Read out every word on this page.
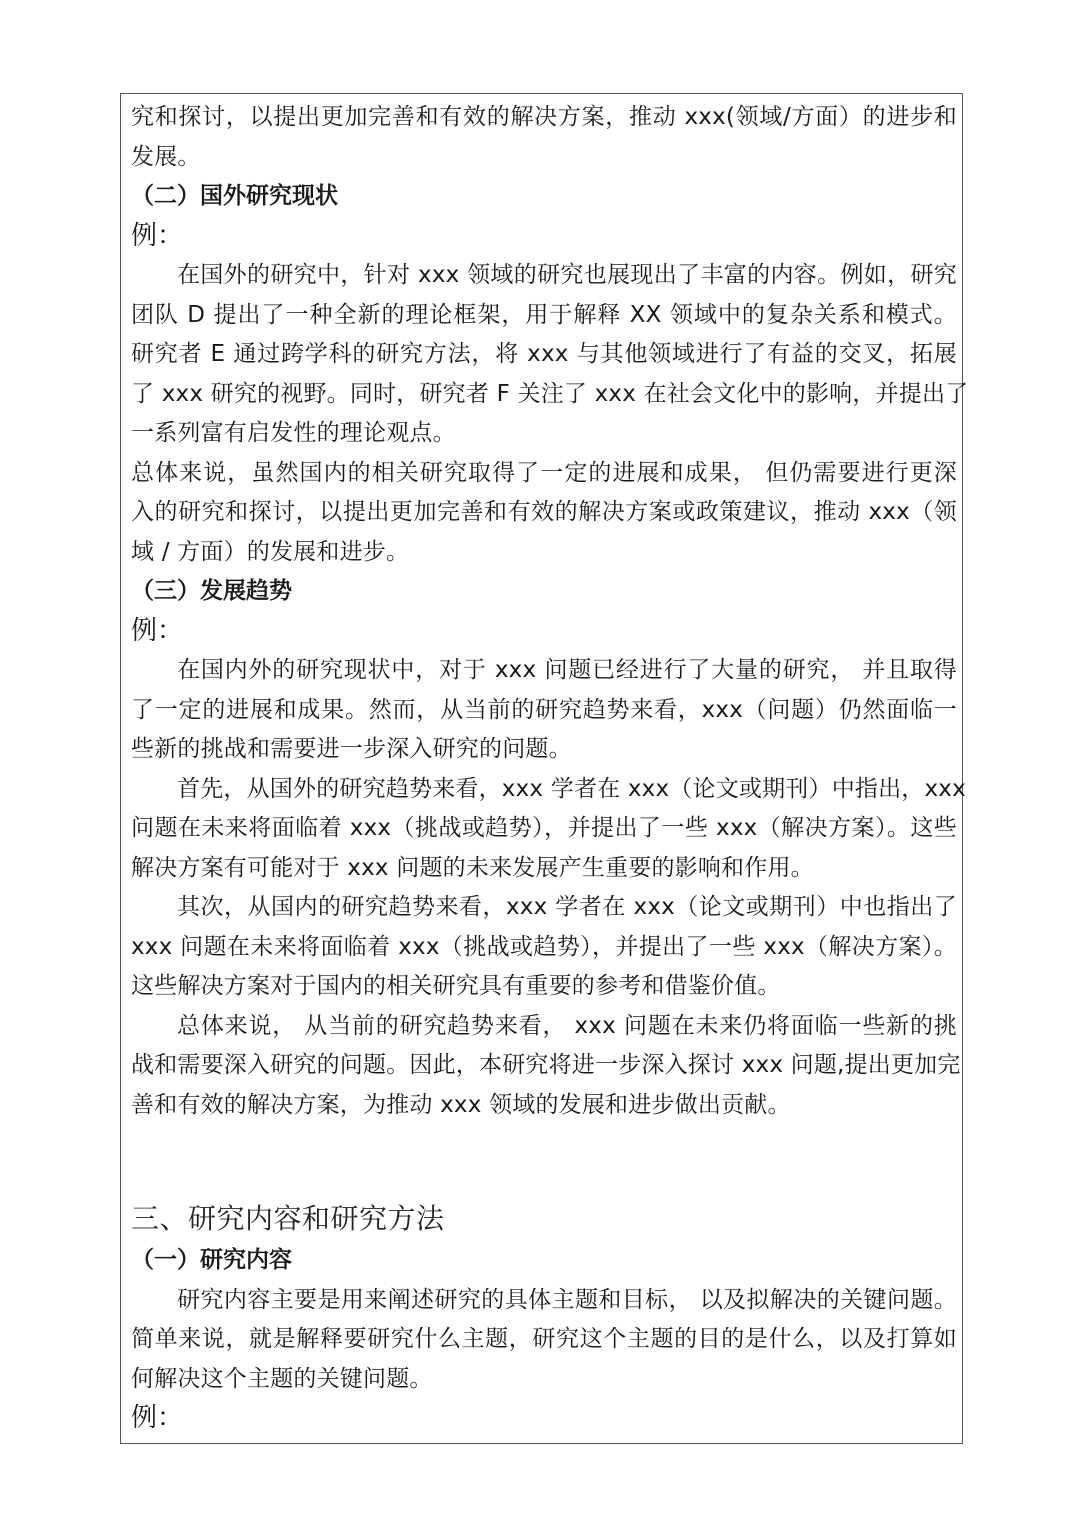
究和探讨，以提出更加完善和有效的解决方案，推动 xxx(领域/方面）的进步和
发展。
（二）国外研究现状
例：
在国外的研究中，针对 xxx 领域的研究也展现出了丰富的内容。例如，研究
团队 D 提出了一种全新的理论框架，用于解释 XX 领域中的复杂关系和模式。
研究者 E 通过跨学科的研究方法，将 xxx 与其他领域进行了有益的交叉，拓展
了 xxx 研究的视野。同时，研究者 F 关注了 xxx 在社会文化中的影响，并提出了
一系列富有启发性的理论观点。
总体来说，虽然国内的相关研究取得了一定的进展和成果， 但仍需要进行更深
入的研究和探讨，以提出更加完善和有效的解决方案或政策建议，推动 xxx（领
域 / 方面）的发展和进步。
（三）发展趋势
例：
在国内外的研究现状中，对于 xxx 问题已经进行了大量的研究， 并且取得
了一定的进展和成果。然而，从当前的研究趋势来看，xxx（问题）仍然面临一
些新的挑战和需要进一步深入研究的问题。
首先，从国外的研究趋势来看，xxx 学者在 xxx（论文或期刊）中指出，xxx
问题在未来将面临着 xxx（挑战或趋势），并提出了一些 xxx（解决方案）。这些
解决方案有可能对于 xxx 问题的未来发展产生重要的影响和作用。
其次，从国内的研究趋势来看，xxx 学者在 xxx（论文或期刊）中也指出了
xxx 问题在未来将面临着 xxx（挑战或趋势），并提出了一些 xxx（解决方案）。
这些解决方案对于国内的相关研究具有重要的参考和借鉴价值。
总体来说， 从当前的研究趋势来看， xxx 问题在未来仍将面临一些新的挑
战和需要深入研究的问题。因此，本研究将进一步深入探讨 xxx 问题,提出更加完
善和有效的解决方案，为推动 xxx 领域的发展和进步做出贡献。
三、研究内容和研究方法
（一）研究内容
研究内容主要是用来阐述研究的具体主题和目标， 以及拟解决的关键问题。
简单来说，就是解释要研究什么主题，研究这个主题的目的是什么，以及打算如
何解决这个主题的关键问题。
例：
